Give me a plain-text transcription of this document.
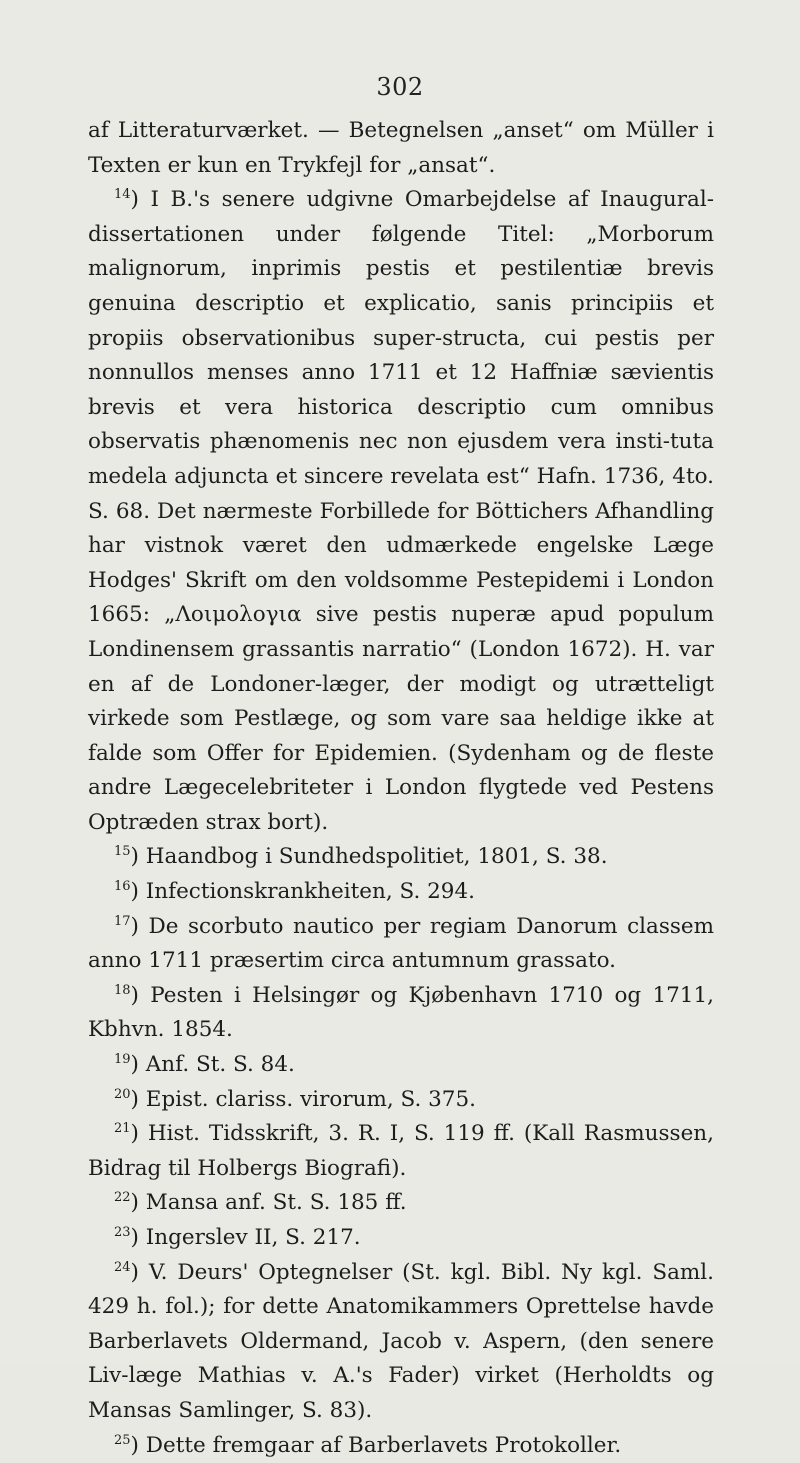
302

af Litteraturværket. — Betegnelsen „anset“ om Müller i Texten er kun en Trykfejl for „ansat“.

$^{14}$) I B.'s senere udgivne Omarbejdelse af Inaugural-dissertationen under følgende Titel: „Morborum malignorum, inprimis pestis et pestilentiæ brevis genuina descriptio et explicatio, sanis principiis et propiis observationibus super-structa, cui pestis per nonnullos menses anno 1711 et 12 Haffniæ sævientis brevis et vera historica descriptio cum omnibus observatis phænomenis nec non ejusdem vera insti-tuta medela adjuncta et sincere revelata est“ Hafn. 1736, 4to. S. 68. Det nærmeste Forbillede for Böttichers Afhandling har vistnok været den udmærkede engelske Læge Hodges' Skrift om den voldsomme Pestepidemi i London 1665: „Λοιμολογια sive pestis nuperæ apud populum Londinensem grassantis narratio“ (London 1672). H. var en af de Londoner-læger, der modigt og utrætteligt virkede som Pestlæge, og som vare saa heldige ikke at falde som Offer for Epidemien. (Sydenham og de fleste andre Lægecelebriteter i London flygtede ved Pestens Optræden strax bort).

$^{15}$) Haandbog i Sundhedspolitiet, 1801, S. 38.

$^{16}$) Infectionskrankheiten, S. 294.

$^{17}$) De scorbuto nautico per regiam Danorum classem anno 1711 præsertim circa antumnum grassato.

$^{18}$) Pesten i Helsingør og Kjøbenhavn 1710 og 1711, Kbhvn. 1854.

$^{19}$) Anf. St. S. 84.

$^{20}$) Epist. clariss. virorum, S. 375.

$^{21}$) Hist. Tidsskrift, 3. R. I, S. 119 ff. (Kall Rasmussen, Bidrag til Holbergs Biografi).

$^{22}$) Mansa anf. St. S. 185 ff.

$^{23}$) Ingerslev II, S. 217.

$^{24}$) V. Deurs' Optegnelser (St. kgl. Bibl. Ny kgl. Saml. 429 h. fol.); for dette Anatomikammers Oprettelse havde Barberlavets Oldermand, Jacob v. Aspern, (den senere Liv-læge Mathias v. A.'s Fader) virket (Herholdts og Mansas Samlinger, S. 83).

$^{25}$) Dette fremgaar af Barberlavets Protokoller.
